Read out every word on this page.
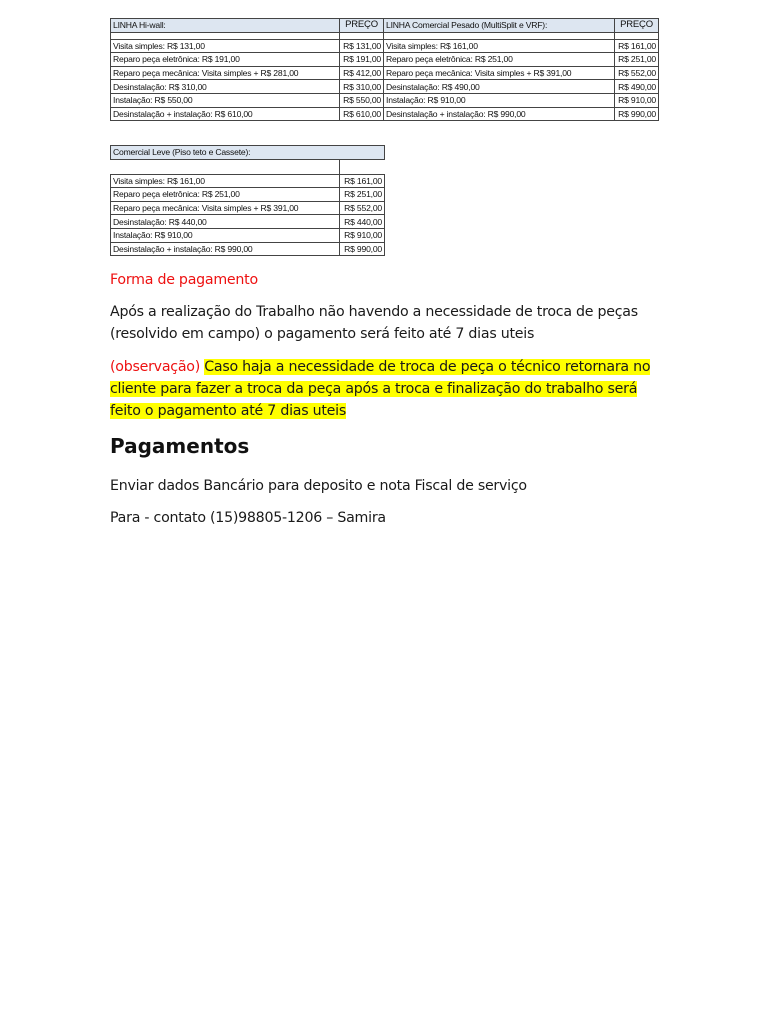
LINHA Hi-wall:	PREÇO	LINHA Comercial Pesado (MultiSplit e VRF):	PREÇO

Visita simples: R$ 131,00	R$ 131,00	Visita simples: R$ 161,00	R$ 161,00
Reparo peça eletrônica: R$ 191,00	R$ 191,00	Reparo peça eletrônica: R$ 251,00	R$ 251,00
Reparo peça mecânica: Visita simples + R$ 281,00	R$ 412,00	Reparo peça mecânica: Visita simples + R$ 391,00	R$ 552,00
Desinstalação: R$ 310,00	R$ 310,00	Desinstalação: R$ 490,00	R$ 490,00
Instalação: R$ 550,00	R$ 550,00	Instalação: R$ 910,00	R$ 910,00
Desinstalação + instalação: R$ 610,00	R$ 610,00	Desinstalação + instalação: R$ 990,00	R$ 990,00
Comercial Leve (Piso teto e Cassete):	

Visita simples: R$ 161,00	R$ 161,00
Reparo peça eletrônica: R$ 251,00	R$ 251,00
Reparo peça mecânica: Visita simples + R$ 391,00	R$ 552,00
Desinstalação: R$ 440,00	R$ 440,00
Instalação: R$ 910,00	R$ 910,00
Desinstalação + instalação: R$ 990,00	R$ 990,00
Forma de pagamento
Após a realização do Trabalho não havendo a necessidade de troca de peças (resolvido em campo) o pagamento será feito até 7 dias uteis
(observação) Caso haja a necessidade de troca de peça o técnico retornara no cliente para fazer a troca da peça após a troca e finalização do trabalho será feito o pagamento até 7 dias uteis
Pagamentos
Enviar dados Bancário para deposito e nota Fiscal de serviço
Para - contato (15)98805-1206 – Samira
